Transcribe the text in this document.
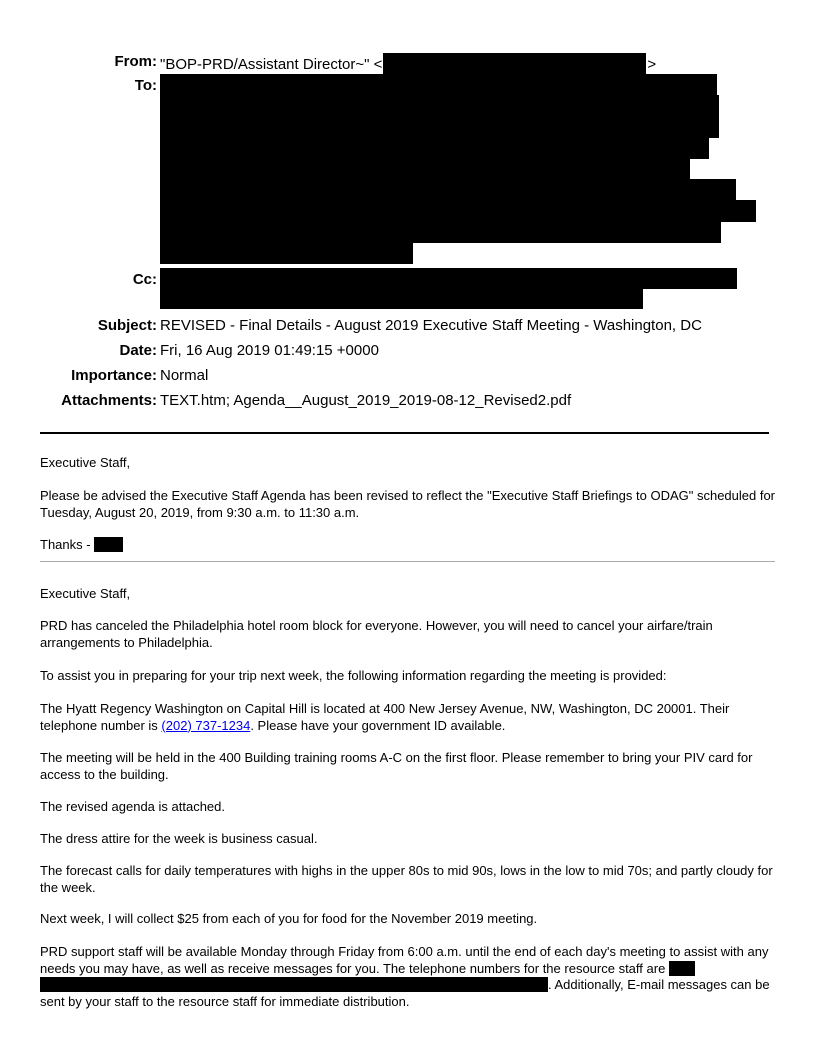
From: "BOP-PRD/Assistant Director~" <	>
To:
Cc:
Subject: REVISED - Final Details - August 2019 Executive Staff Meeting - Washington, DC
Date: Fri, 16 Aug 2019 01:49:15 +0000
Importance: Normal
Attachments: TEXT.htm; Agenda__August_2019_2019-08-12_Revised2.pdf
Executive Staff,
Please be advised the Executive Staff Agenda has been revised to reflect the "Executive Staff Briefings to ODAG" scheduled for Tuesday, August 20, 2019, from 9:30 a.m. to 11:30 a.m.
Thanks -
Executive Staff,
PRD has canceled the Philadelphia hotel room block for everyone. However, you will need to cancel your airfare/train arrangements to Philadelphia.
To assist you in preparing for your trip next week, the following information regarding the meeting is provided:
The Hyatt Regency Washington on Capital Hill is located at 400 New Jersey Avenue, NW, Washington, DC 20001. Their telephone number is (202) 737-1234. Please have your government ID available.
The meeting will be held in the 400 Building training rooms A-C on the first floor. Please remember to bring your PIV card for access to the building.
The revised agenda is attached.
The dress attire for the week is business casual.
The forecast calls for daily temperatures with highs in the upper 80s to mid 90s, lows in the low to mid 70s; and partly cloudy for the week.
Next week, I will collect $25 from each of you for food for the November 2019 meeting.
PRD support staff will be available Monday through Friday from 6:00 a.m. until the end of each day's meeting to assist with any needs you may have, as well as receive messages for you. The telephone numbers for the resource staff are  . Additionally, E-mail messages can be sent by your staff to the resource staff for immediate distribution.
